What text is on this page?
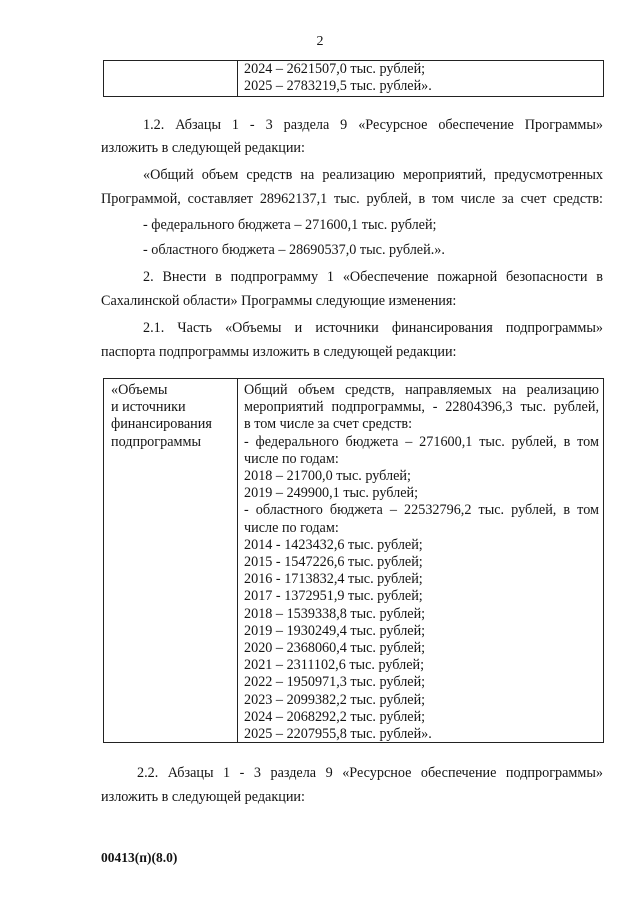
2
2024 – 2621507,0 тыс. рублей;
2025 – 2783219,5 тыс. рублей».
1.2. Абзацы 1 - 3 раздела 9 «Ресурсное обеспечение Программы»
изложить в следующей редакции:
«Общий объем средств на реализацию мероприятий, предусмотренных
Программой, составляет 28962137,1 тыс. рублей, в том числе за счет средств:
- федерального бюджета – 271600,1 тыс. рублей;
- областного бюджета – 28690537,0 тыс. рублей.».
2. Внести в подпрограмму 1 «Обеспечение пожарной безопасности в
Сахалинской области» Программы следующие изменения:
2.1. Часть «Объемы и источники финансирования подпрограммы»
паспорта подпрограммы изложить в следующей редакции:
«Объемы
и источники
финансирования
подпрограммы
Общий объем средств, направляемых на реализацию
мероприятий подпрограммы, - 22804396,3 тыс. рублей,
в том числе за счет средств:
- федерального бюджета – 271600,1 тыс. рублей, в том
числе по годам:
2018 – 21700,0 тыс. рублей;
2019 – 249900,1 тыс. рублей;
- областного бюджета – 22532796,2 тыс. рублей, в том
числе по годам:
2014 - 1423432,6 тыс. рублей;
2015 - 1547226,6 тыс. рублей;
2016 - 1713832,4 тыс. рублей;
2017 - 1372951,9 тыс. рублей;
2018 – 1539338,8 тыс. рублей;
2019 – 1930249,4 тыс. рублей;
2020 – 2368060,4 тыс. рублей;
2021 – 2311102,6 тыс. рублей;
2022 – 1950971,3 тыс. рублей;
2023 – 2099382,2 тыс. рублей;
2024 – 2068292,2 тыс. рублей;
2025 – 2207955,8 тыс. рублей».
2.2. Абзацы 1 - 3 раздела 9 «Ресурсное обеспечение подпрограммы»
изложить в следующей редакции:
00413(п)(8.0)
